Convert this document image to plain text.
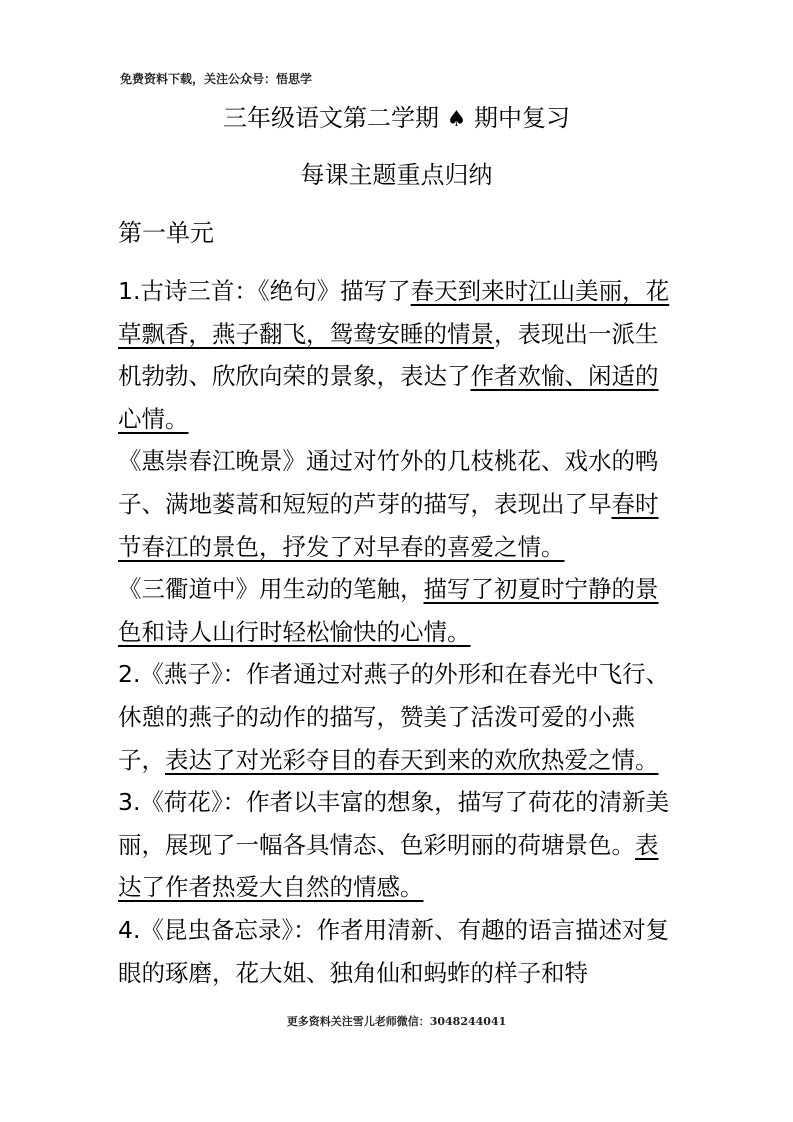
免费资料下载，关注公众号：悟思学
三年级语文第二学期 ♠ 期中复习
每课主题重点归纳
第一单元

1.古诗三首：《绝句》描写了春天到来时江山美丽，花草飘香，燕子翻飞，鸳鸯安睡的情景，表现出一派生机勃勃、欣欣向荣的景象，表达了作者欢愉、闲适的心情。

《惠崇春江晚景》通过对竹外的几枝桃花、戏水的鸭子、满地蒌蒿和短短的芦芽的描写，表现出了早春时节春江的景色，抒发了对早春的喜爱之情。

《三衢道中》用生动的笔触，描写了初夏时宁静的景色和诗人山行时轻松愉快的心情。

2.《燕子》：作者通过对燕子的外形和在春光中飞行、休憩的燕子的动作的描写，赞美了活泼可爱的小燕子，表达了对光彩夺目的春天到来的欢欣热爱之情。

3.《荷花》：作者以丰富的想象，描写了荷花的清新美丽，展现了一幅各具情态、色彩明丽的荷塘景色。表达了作者热爱大自然的情感。

4.《昆虫备忘录》：作者用清新、有趣的语言描述对复眼的琢磨，花大姐、独角仙和蚂蚱的样子和特

更多资料关注雪儿老师微信：3048244041
